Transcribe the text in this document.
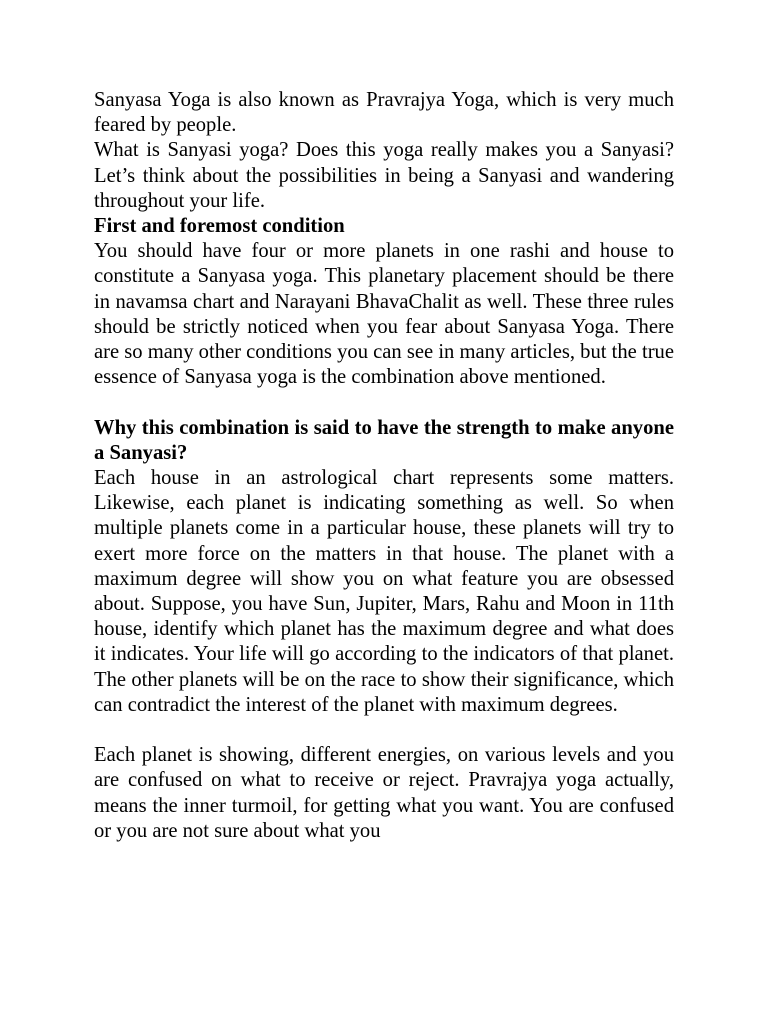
Sanyasa Yoga is also known as Pravrajya Yoga, which is very much feared by people.

What is Sanyasi yoga? Does this yoga really makes you a Sanyasi? Let’s think about the possibilities in being a Sanyasi and wandering throughout your life.

First and foremost condition

You should have four or more planets in one rashi and house to constitute a Sanyasa yoga. This planetary placement should be there in navamsa chart and Narayani BhavaChalit as well. These three rules should be strictly noticed when you fear about Sanyasa Yoga. There are so many other conditions you can see in many articles, but the true essence of Sanyasa yoga is the combination above mentioned.

Why this combination is said to have the strength to make anyone a Sanyasi?

Each house in an astrological chart represents some matters. Likewise, each planet is indicating something as well. So when multiple planets come in a particular house, these planets will try to exert more force on the matters in that house. The planet with a maximum degree will show you on what feature you are obsessed about. Suppose, you have Sun, Jupiter, Mars, Rahu and Moon in 11th house, identify which planet has the maximum degree and what does it indicates. Your life will go according to the indicators of that planet. The other planets will be on the race to show their significance, which can contradict the interest of the planet with maximum degrees.

Each planet is showing, different energies, on various levels and you are confused on what to receive or reject. Pravrajya yoga actually, means the inner turmoil, for getting what you want. You are confused or you are not sure about what you
